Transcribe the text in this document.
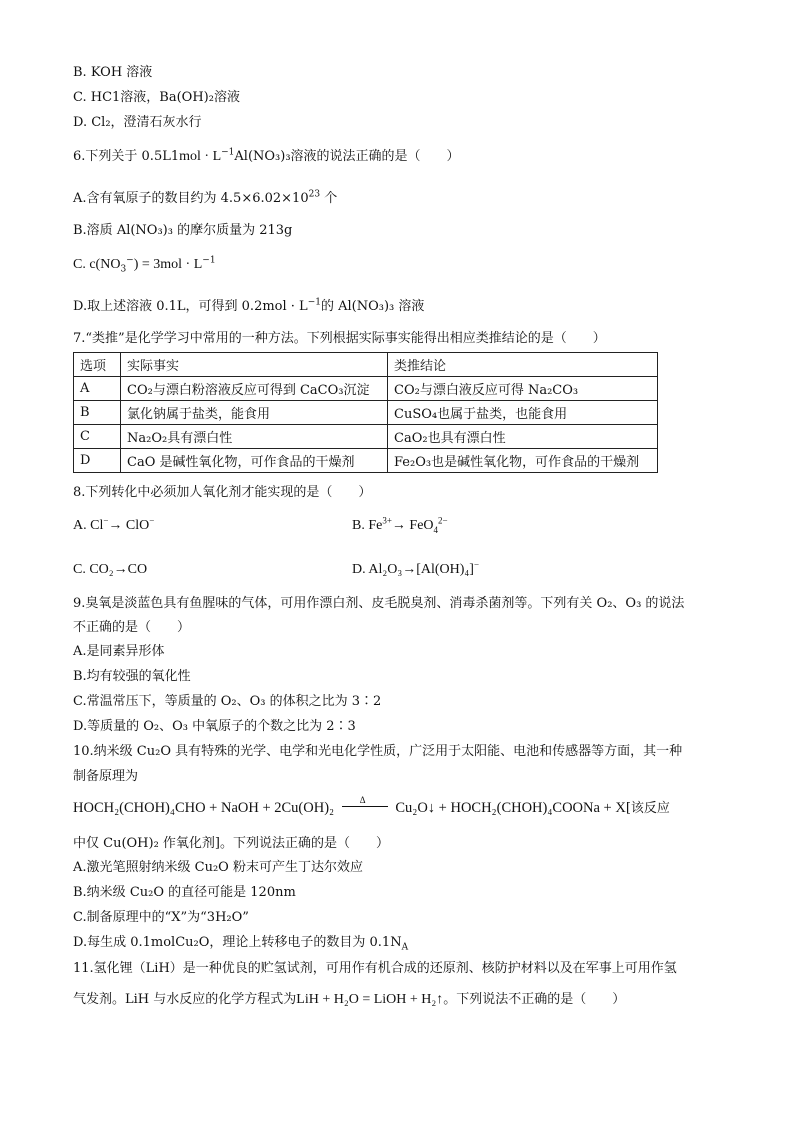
B. KOH 溶液
C. HC1溶液，Ba(OH)₂溶液
D. Cl₂，澄清石灰水行
6.下列关于 $0.5L1mol \cdot L^{-1}Al(NO_3)_3$溶液的说法正确的是（　　）
A.含有氧原子的数目约为 $4.5\times 6.02\times 10^{23}$ 个
B.溶质 Al(NO₃)₃ 的摩尔质量为 213g
C. $c(NO_3^-) = 3mol \cdot L^{-1}$
D.取上述溶液 0.1L，可得到 $0.2mol \cdot L^{-1}$的 Al(NO₃)₃ 溶液
7.“类推”是化学学习中常用的一种方法。下列根据实际事实能得出相应类推结论的是（　　）
选项	实际事实	类推结论
A	CO₂与漂白粉溶液反应可得到 CaCO₃沉淀	CO₂与漂白液反应可得 Na₂CO₃
B	氯化钠属于盐类，能食用	CuSO₄也属于盐类，也能食用
C	Na₂O₂具有漂白性	CaO₂也具有漂白性
D	CaO 是碱性氧化物，可作食品的干燥剂	Fe₂O₃也是碱性氧化物，可作食品的干燥剂
8.下列转化中必须加人氧化剂才能实现的是（　　）
A. Cl−→ ClO−	B. $Fe^{3+}\to FeO_4^{2-}$
C. CO₂→CO	D. Al₂O₃→[Al(OH)₄]−
9.臭氧是淡蓝色具有鱼腥味的气体，可用作漂白剂、皮毛脱臭剂、消毒杀菌剂等。下列有关 O₂、O₃ 的说法
不正确的是（　　）
A.是同素异形体
B.均有较强的氧化性
C.常温常压下，等质量的 O₂、O₃ 的体积之比为 3∶2
D.等质量的 O₂、O₃ 中氧原子的个数之比为 2∶3
10.纳米级 Cu₂O 具有特殊的光学、电学和光电化学性质，广泛用于太阳能、电池和传感器等方面，其一种
制备原理为
HOCH₂(CHOH)₄CHO + NaOH + 2Cu(OH)₂
Δ
Cu₂O↓ + HOCH₂(CHOH)₄COONa + X[该反应
中仅 Cu(OH)₂ 作氧化剂]。下列说法正确的是（　　）
A.激光笔照射纳米级 Cu₂O 粉末可产生丁达尔效应
B.纳米级 Cu₂O 的直径可能是 120nm
C.制备原理中的“X”为“3H₂O”
D.每生成 0.1molCu₂O，理论上转移电子的数目为 $0.1N_A$
11.氢化锂（LiH）是一种优良的贮氢试剂，可用作有机合成的还原剂、核防护材料以及在军事上可用作氢
气发剂。LiH 与水反应的化学方程式为LiH + H₂O = LiOH + H₂↑。下列说法不正确的是（　　）
